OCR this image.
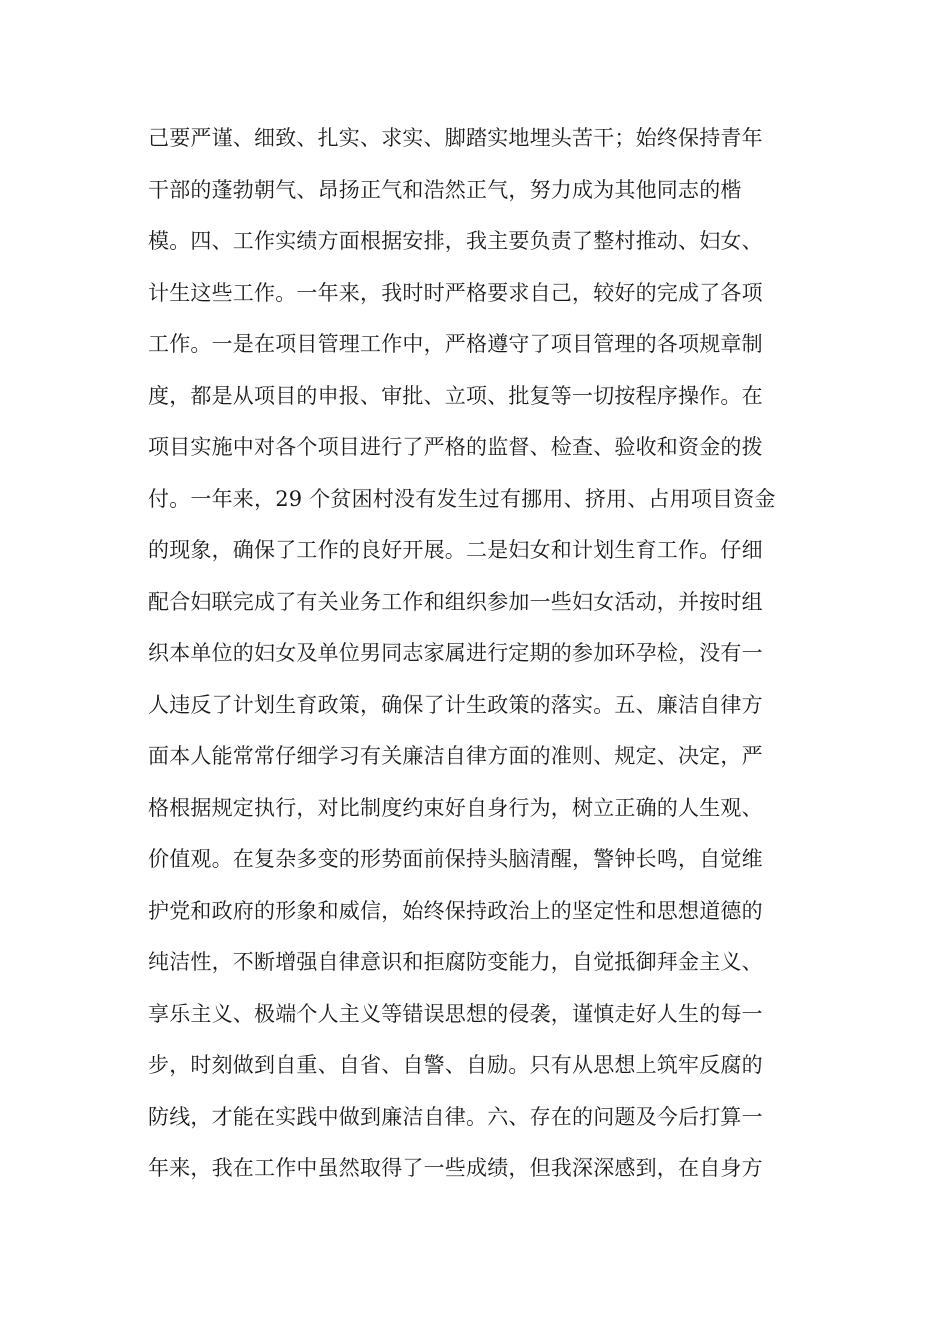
己要严谨、细致、扎实、求实、脚踏实地埋头苦干；始终保持青年
干部的蓬勃朝气、昂扬正气和浩然正气，努力成为其他同志的楷
模。四、工作实绩方面根据安排，我主要负责了整村推动、妇女、
计生这些工作。一年来，我时时严格要求自己，较好的完成了各项
工作。一是在项目管理工作中，严格遵守了项目管理的各项规章制
度，都是从项目的申报、审批、立项、批复等一切按程序操作。在
项目实施中对各个项目进行了严格的监督、检查、验收和资金的拨
付。一年来，29 个贫困村没有发生过有挪用、挤用、占用项目资金
的现象，确保了工作的良好开展。二是妇女和计划生育工作。仔细
配合妇联完成了有关业务工作和组织参加一些妇女活动，并按时组
织本单位的妇女及单位男同志家属进行定期的参加环孕检，没有一
人违反了计划生育政策，确保了计生政策的落实。五、廉洁自律方
面本人能常常仔细学习有关廉洁自律方面的准则、规定、决定，严
格根据规定执行，对比制度约束好自身行为，树立正确的人生观、
价值观。在复杂多变的形势面前保持头脑清醒，警钟长鸣，自觉维
护党和政府的形象和威信，始终保持政治上的坚定性和思想道德的
纯洁性，不断增强自律意识和拒腐防变能力，自觉抵御拜金主义、
享乐主义、极端个人主义等错误思想的侵袭，谨慎走好人生的每一
步，时刻做到自重、自省、自警、自励。只有从思想上筑牢反腐的
防线，才能在实践中做到廉洁自律。六、存在的问题及今后打算一
年来，我在工作中虽然取得了一些成绩，但我深深感到，在自身方
